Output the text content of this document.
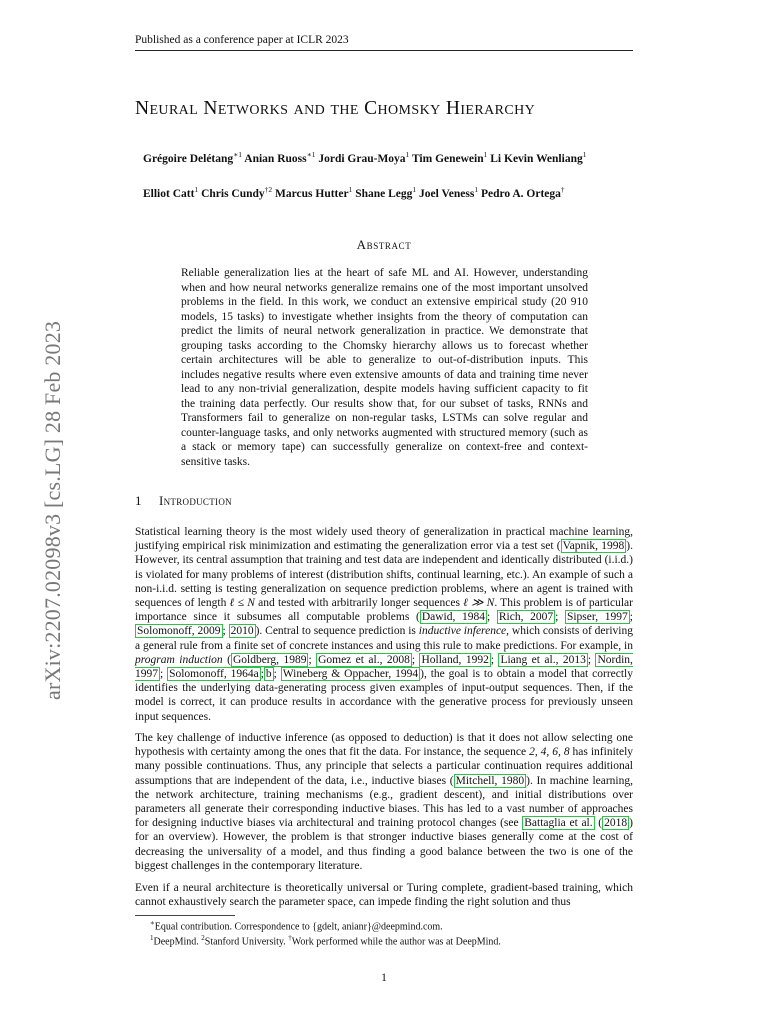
Published as a conference paper at ICLR 2023
arXiv:2207.02098v3 [cs.LG] 28 Feb 2023
Neural Networks and the Chomsky Hierarchy
Grégoire Delétang$^{∗1}$ Anian Ruoss$^{∗1}$ Jordi Grau-Moya$^1$ Tim Genewein$^1$ Li Kevin Wenliang$^1$
Elliot Catt$^1$ Chris Cundy$^{\dagger 2}$ Marcus Hutter$^1$ Shane Legg$^1$ Joel Veness$^1$ Pedro A. Ortega†
Abstract

Reliable generalization lies at the heart of safe ML and AI. However, understanding when and how neural networks generalize remains one of the most important unsolved problems in the field. In this work, we conduct an extensive empirical study (20 910 models, 15 tasks) to investigate whether insights from the theory of computation can predict the limits of neural network generalization in practice. We demonstrate that grouping tasks according to the Chomsky hierarchy allows us to forecast whether certain architectures will be able to generalize to out-of-distribution inputs. This includes negative results where even extensive amounts of data and training time never lead to any non-trivial generalization, despite models having sufficient capacity to fit the training data perfectly. Our results show that, for our subset of tasks, RNNs and Transformers fail to generalize on non-regular tasks, LSTMs can solve regular and counter-language tasks, and only networks augmented with structured memory (such as a stack or memory tape) can successfully generalize on context-free and context-sensitive tasks.

1 Introduction

Statistical learning theory is the most widely used theory of generalization in practical machine learning, justifying empirical risk minimization and estimating the generalization error via a test set ( Vapnik, 1998 ). However, its central assumption that training and test data are independent and identically distributed (i.i.d.) is violated for many problems of interest (distribution shifts, continual learning, etc.). An example of such a non-i.i.d. setting is testing generalization on sequence prediction problems, where an agent is trained with sequences of length ℓ ≤ N and tested with arbitrarily longer sequences ℓ ≫ N. This problem is of particular importance since it subsumes all computable problems ( Dawid, 1984 ; Rich, 2007 ; Sipser, 1997 ; Solomonoff, 2009 ; 2010 ). Central to sequence prediction is inductive inference, which consists of deriving a general rule from a finite set of concrete instances and using this rule to make predictions. For example, in program induction ( Goldberg, 1989 ; Gomez et al., 2008 ; Holland, 1992 ; Liang et al., 2013 ; Nordin, 1997 ; Solomonoff, 1964a ; b ; Wineberg & Oppacher, 1994 ), the goal is to obtain a model that correctly identifies the underlying data-generating process given examples of input-output sequences. Then, if the model is correct, it can produce results in accordance with the generative process for previously unseen input sequences.

The key challenge of inductive inference (as opposed to deduction) is that it does not allow selecting one hypothesis with certainty among the ones that fit the data. For instance, the sequence 2, 4, 6, 8 has infinitely many possible continuations. Thus, any principle that selects a particular continuation requires additional assumptions that are independent of the data, i.e., inductive biases ( Mitchell, 1980 ). In machine learning, the network architecture, training mechanisms (e.g., gradient descent), and initial distributions over parameters all generate their corresponding inductive biases. This has led to a vast number of approaches for designing inductive biases via architectural and training protocol changes (see Battaglia et al. ( 2018 ) for an overview). However, the problem is that stronger inductive biases generally come at the cost of decreasing the universality of a model, and thus finding a good balance between the two is one of the biggest challenges in the contemporary literature.

Even if a neural architecture is theoretically universal or Turing complete, gradient-based training, which cannot exhaustively search the parameter space, can impede finding the right solution and thus

∗Equal contribution. Correspondence to {gdelt, anianr}@deepmind.com.
$^1$DeepMind. $^2$Stanford University. †Work performed while the author was at DeepMind.
1
